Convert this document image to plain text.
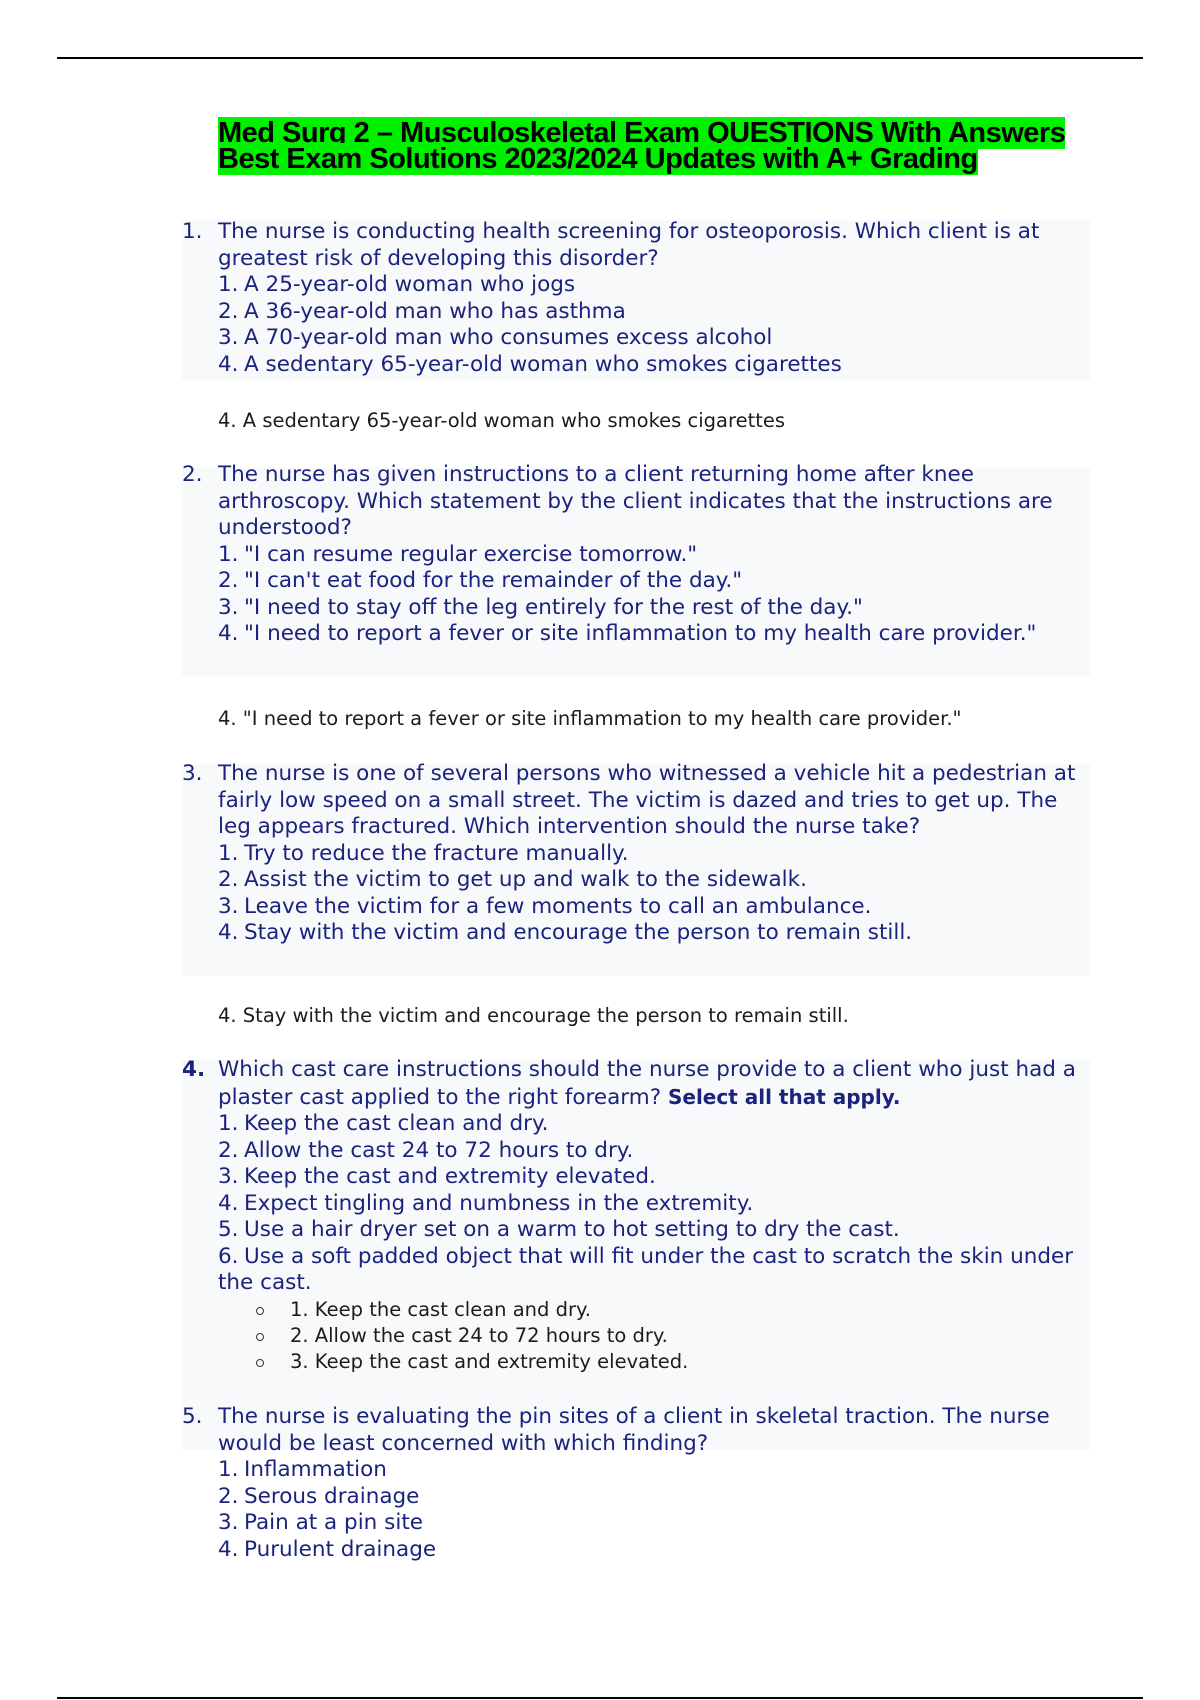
Med Surg 2 – Musculoskeletal Exam QUESTIONS With Answers Best Exam Solutions 2023/2024 Updates with A+ Grading
1. The nurse is conducting health screening for osteoporosis. Which client is at greatest risk of developing this disorder?

1. A 25-year-old woman who jogs
2. A 36-year-old man who has asthma
3. A 70-year-old man who consumes excess alcohol
4. A sedentary 65-year-old woman who smokes cigarettes
4. A sedentary 65-year-old woman who smokes cigarettes
2. The nurse has given instructions to a client returning home after knee arthroscopy. Which statement by the client indicates that the instructions are understood?

1. "I can resume regular exercise tomorrow."
2. "I can't eat food for the remainder of the day."
3. "I need to stay off the leg entirely for the rest of the day."
4. "I need to report a fever or site inflammation to my health care provider."
4. "I need to report a fever or site inflammation to my health care provider."
3. The nurse is one of several persons who witnessed a vehicle hit a pedestrian at fairly low speed on a small street. The victim is dazed and tries to get up. The leg appears fractured. Which intervention should the nurse take?

1. Try to reduce the fracture manually.
2. Assist the victim to get up and walk to the sidewalk.
3. Leave the victim for a few moments to call an ambulance.
4. Stay with the victim and encourage the person to remain still.
4. Stay with the victim and encourage the person to remain still.
4. Which cast care instructions should the nurse provide to a client who just had a plaster cast applied to the right forearm? Select all that apply.

1. Keep the cast clean and dry.
2. Allow the cast 24 to 72 hours to dry.
3. Keep the cast and extremity elevated.
4. Expect tingling and numbness in the extremity.
5. Use a hair dryer set on a warm to hot setting to dry the cast.
6. Use a soft padded object that will fit under the cast to scratch the skin under the cast.
1. Keep the cast clean and dry.
2. Allow the cast 24 to 72 hours to dry.
3. Keep the cast and extremity elevated.
5. The nurse is evaluating the pin sites of a client in skeletal traction. The nurse would be least concerned with which finding?

1. Inflammation
2. Serous drainage
3. Pain at a pin site
4. Purulent drainage
